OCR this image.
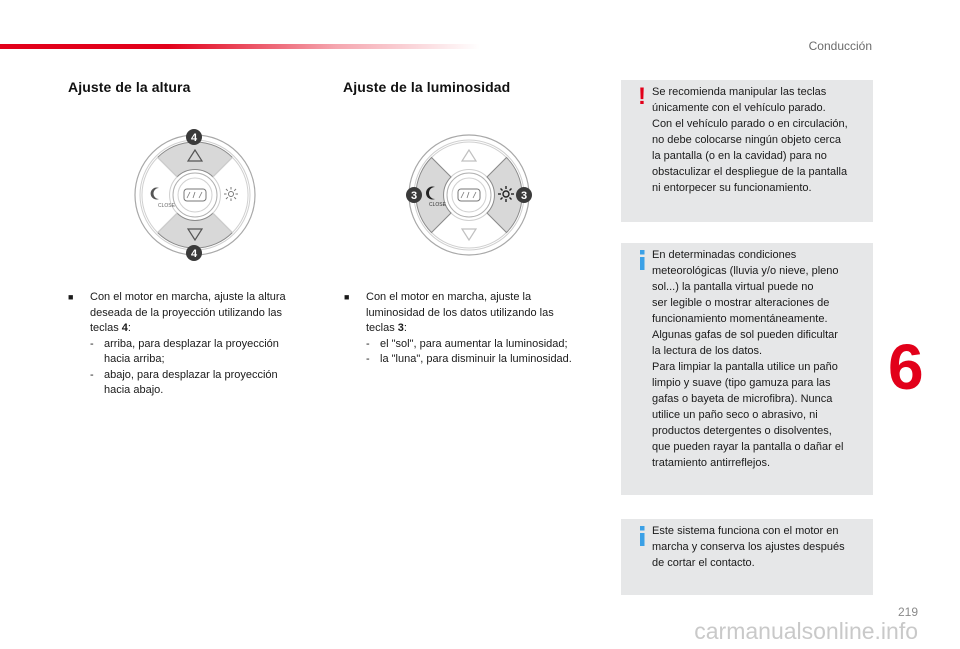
Conducción
Ajuste de la altura
CLOSE
4
4
■ Con el motor en marcha, ajuste la altura
deseada de la proyección utilizando las
teclas 4:
- arriba, para desplazar la proyección
hacia arriba;
- abajo, para desplazar la proyección
hacia abajo.
Ajuste de la luminosidad
CLOSE
3	3
■ Con el motor en marcha, ajuste la
luminosidad de los datos utilizando las
teclas 3:
- el "sol", para aumentar la luminosidad;
- la "luna", para disminuir la luminosidad.
! Se recomienda manipular las teclas
únicamente con el vehículo parado.
Con el vehículo parado o en circulación,
no debe colocarse ningún objeto cerca
la pantalla (o en la cavidad) para no
obstaculizar el despliegue de la pantalla
ni entorpecer su funcionamiento.
En determinadas condiciones
meteorológicas (lluvia y/o nieve, pleno
sol...) la pantalla virtual puede no
ser legible o mostrar alteraciones de
funcionamiento momentáneamente.
Algunas gafas de sol pueden dificultar
la lectura de los datos.
Para limpiar la pantalla utilice un paño
limpio y suave (tipo gamuza para las
gafas o bayeta de microfibra). Nunca
utilice un paño seco o abrasivo, ni
productos detergentes o disolventes,
que pueden rayar la pantalla o dañar el
tratamiento antirreflejos.
Este sistema funciona con el motor en
marcha y conserva los ajustes después
de cortar el contacto.
6
219
carmanualsonline.info
